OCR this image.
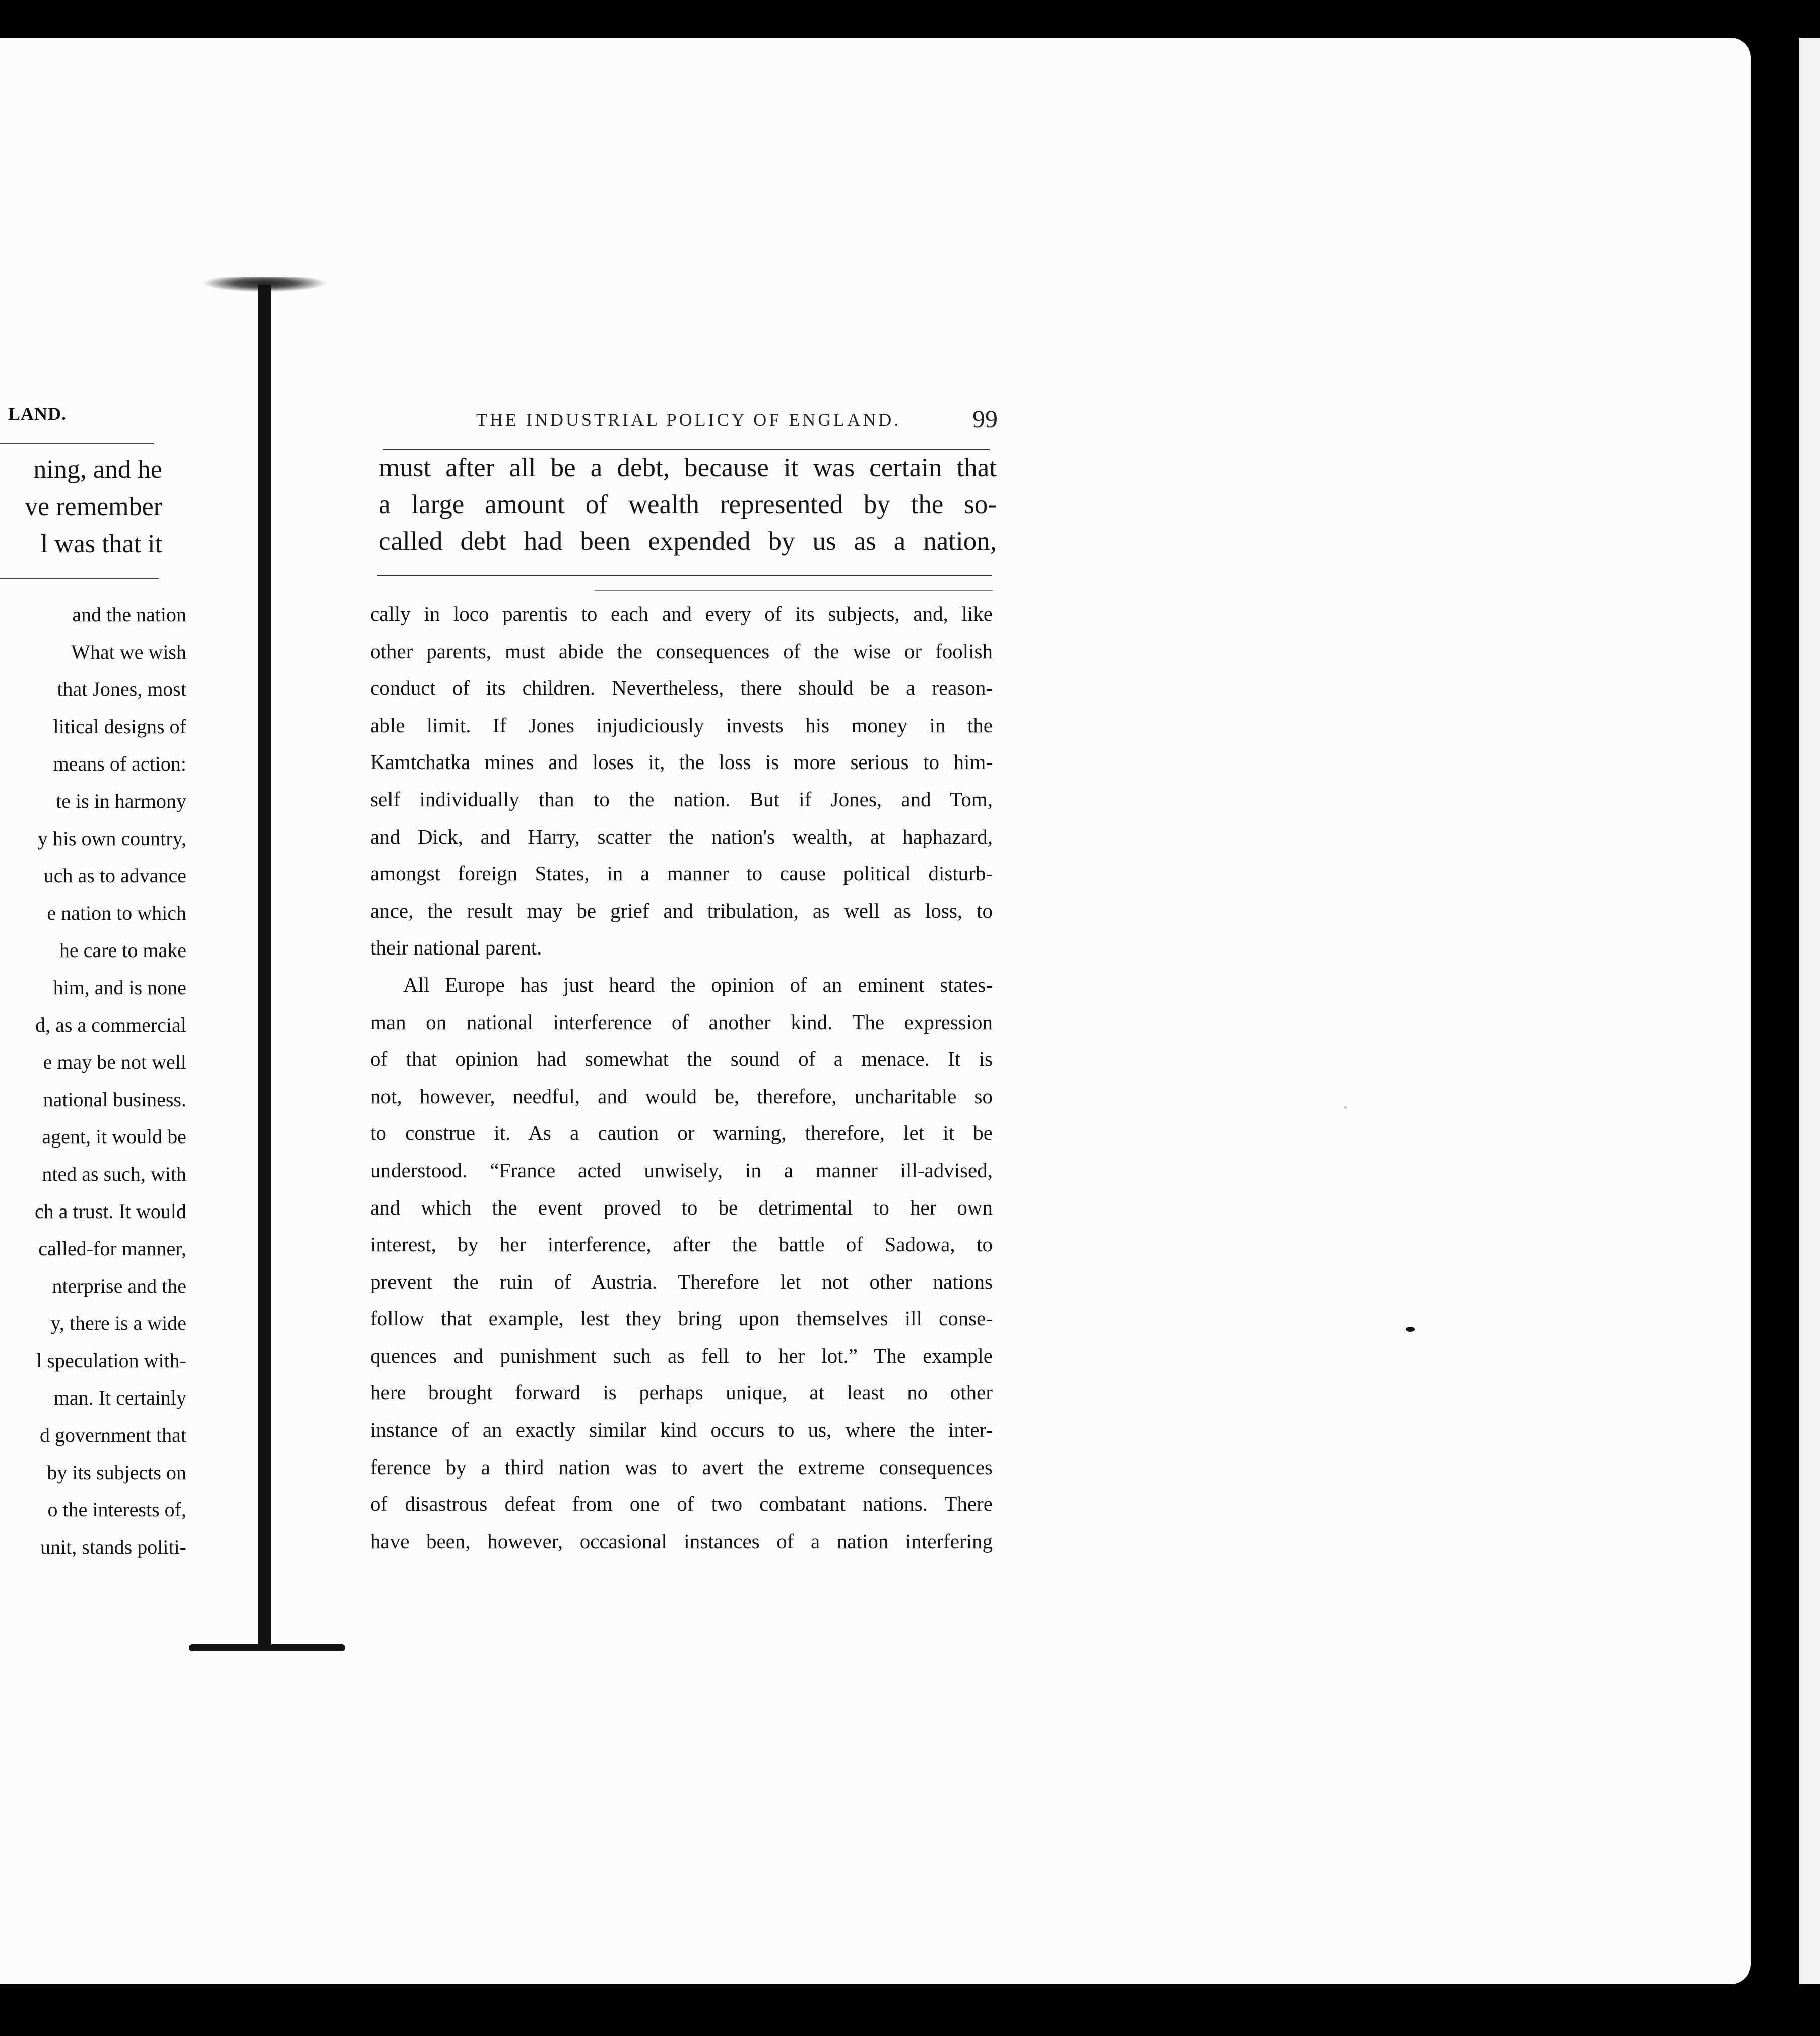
LAND.
ning, and he
ve remember
l was that it
and the nation
What we wish
that Jones, most
litical designs of
means of action:
te is in harmony
y his own country,
uch as to advance
e nation to which
he care to make
him, and is none
d, as a commercial
e may be not well
national business.
agent, it would be
nted as such, with
ch a trust. It would
called-for manner,
nterprise and the
y, there is a wide
l speculation with-
man. It certainly
d government that
by its subjects on
o the interests of,
unit, stands politi-
THE INDUSTRIAL POLICY OF ENGLAND.	99
must after all be a debt, because it was certain that
a large amount of wealth represented by the so-
called debt had been expended by us as a nation,
cally in loco parentis to each and every of its subjects, and, like
other parents, must abide the consequences of the wise or foolish
conduct of its children. Nevertheless, there should be a reason-
able limit. If Jones injudiciously invests his money in the
Kamtchatka mines and loses it, the loss is more serious to him-
self individually than to the nation. But if Jones, and Tom,
and Dick, and Harry, scatter the nation's wealth, at haphazard,
amongst foreign States, in a manner to cause political disturb-
ance, the result may be grief and tribulation, as well as loss, to
their national parent.
All Europe has just heard the opinion of an eminent states-
man on national interference of another kind. The expression
of that opinion had somewhat the sound of a menace. It is
not, however, needful, and would be, therefore, uncharitable so
to construe it. As a caution or warning, therefore, let it be
understood. “France acted unwisely, in a manner ill-advised,
and which the event proved to be detrimental to her own
interest, by her interference, after the battle of Sadowa, to
prevent the ruin of Austria. Therefore let not other nations
follow that example, lest they bring upon themselves ill conse-
quences and punishment such as fell to her lot.” The example
here brought forward is perhaps unique, at least no other
instance of an exactly similar kind occurs to us, where the inter-
ference by a third nation was to avert the extreme consequences
of disastrous defeat from one of two combatant nations. There
have been, however, occasional instances of a nation interfering
